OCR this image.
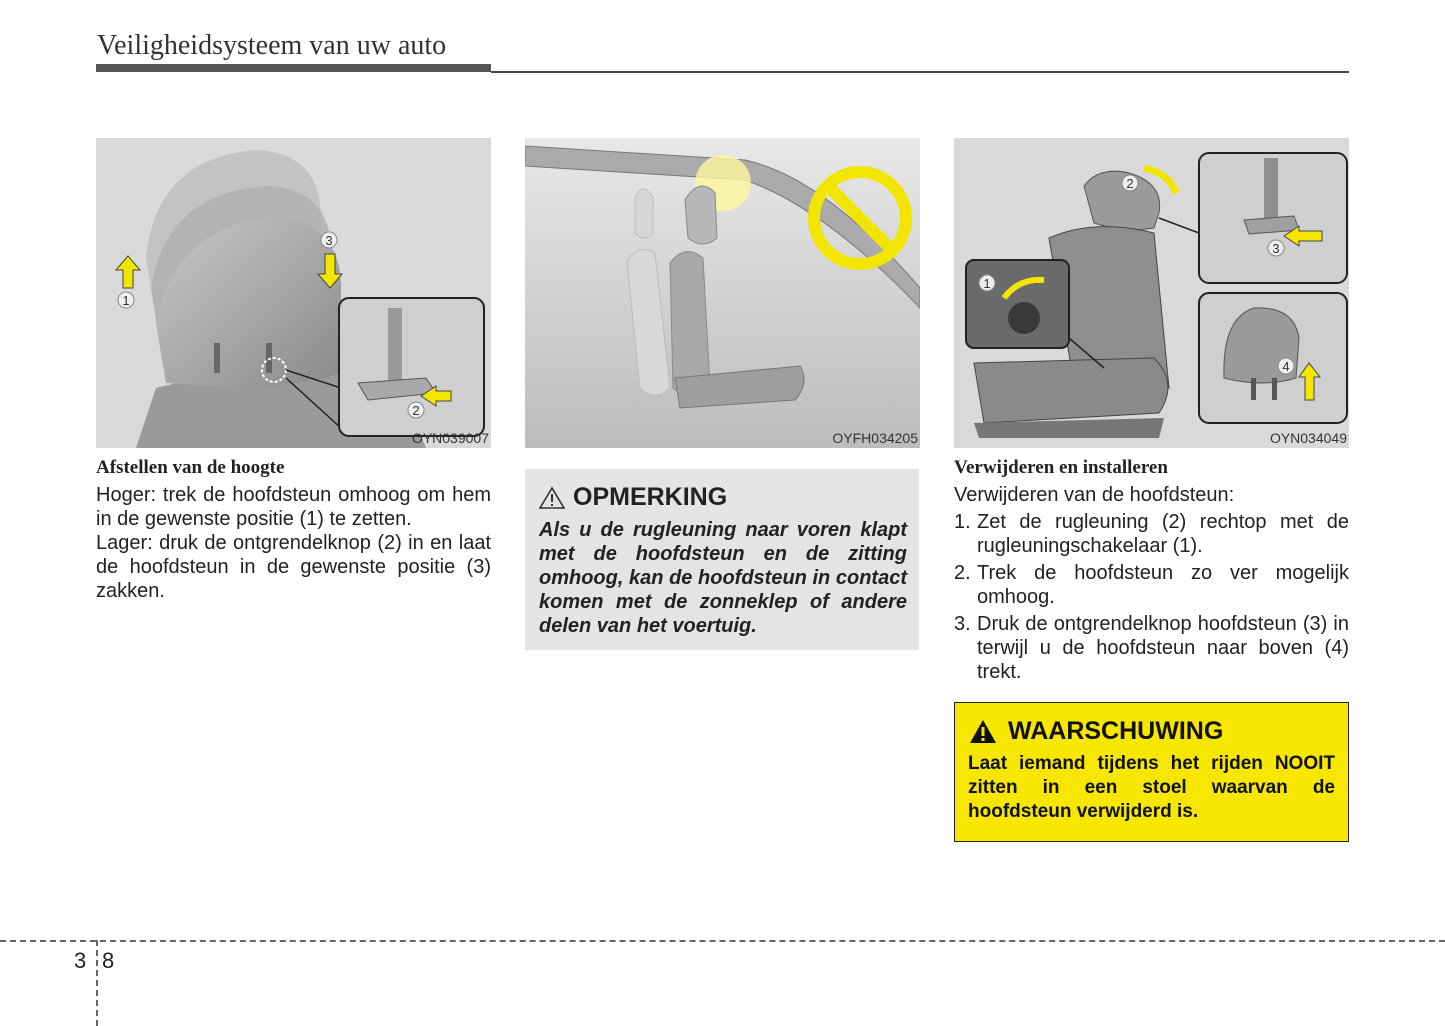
Veiligheidsysteem van uw auto
1
3
2
OYN039007	OYFH034205
2
1
3
4
OYN034049
Afstellen van de hoogte
Hoger: trek de hoofdsteun omhoog om hem in de gewenste positie (1) te zetten.
Lager: druk de ontgrendelknop (2) in en laat de hoofdsteun in de gewenste positie (3) zakken.
OPMERKING
Als u de rugleuning naar voren klapt met de hoofdsteun en de zitting omhoog, kan de hoofdsteun in contact komen met de zonneklep of andere delen van het voertuig.
Verwijderen en installeren
Verwijderen van de hoofdsteun:
1. Zet de rugleuning (2) rechtop met de rugleuningschakelaar (1).
2. Trek de hoofdsteun zo ver mogelijk omhoog.
3. Druk de ontgrendelknop hoofdsteun (3) in terwijl u de hoofdsteun naar boven (4) trekt.
WAARSCHUWING
Laat iemand tijdens het rijden NOOIT zitten in een stoel waarvan de hoofdsteun verwijderd is.
3 8
